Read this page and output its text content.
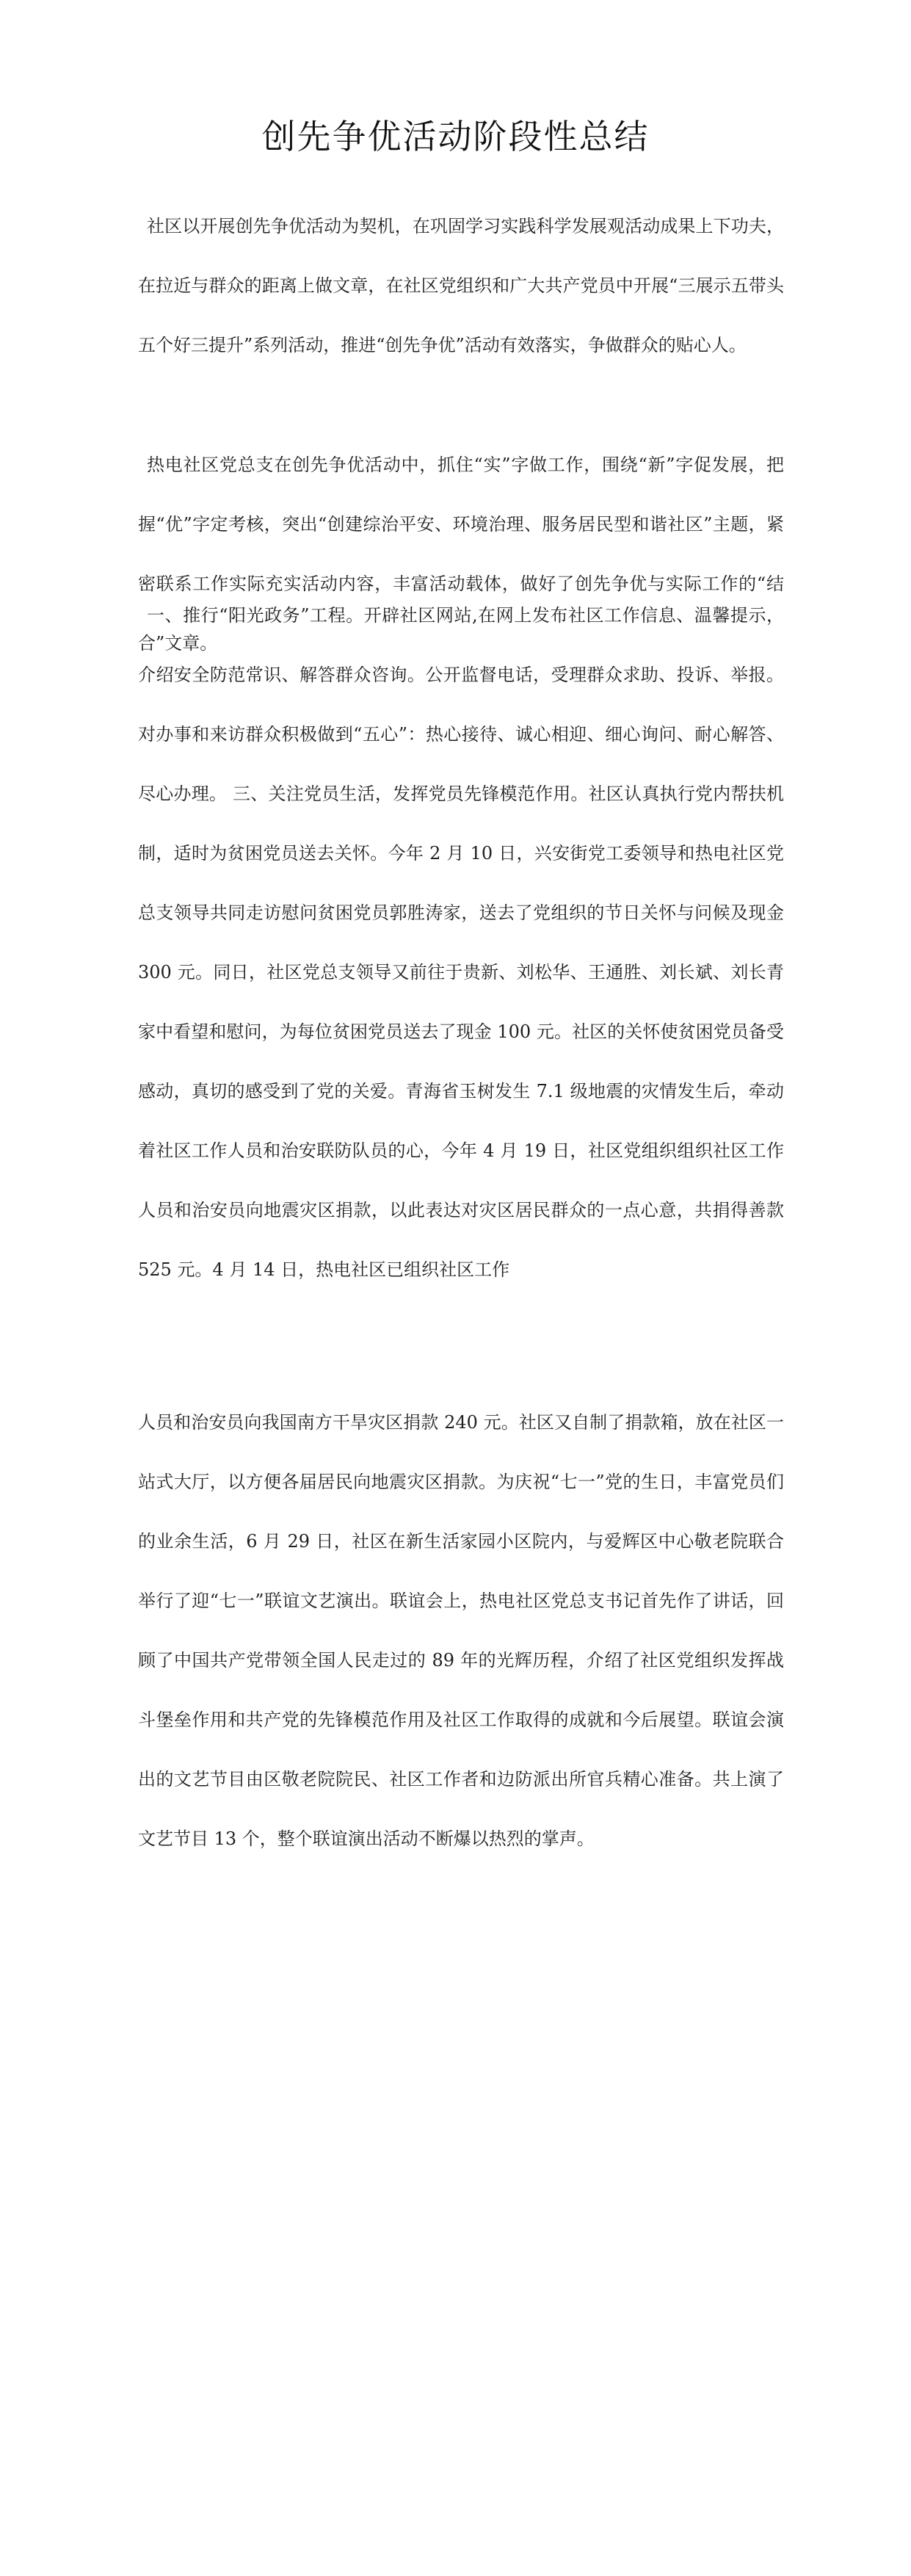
创先争优活动阶段性总结

社区以开展创先争优活动为契机，在巩固学习实践科学发展观活动成果上下功夫，在拉近与群众的距离上做文章，在社区党组织和广大共产党员中开展“三展示五带头五个好三提升”系列活动，推进“创先争优”活动有效落实，争做群众的贴心人。

热电社区党总支在创先争优活动中，抓住“实”字做工作，围绕“新”字促发展，把握“优”字定考核，突出“创建综治平安、环境治理、服务居民型和谐社区”主题，紧密联系工作实际充实活动内容，丰富活动载体，做好了创先争优与实际工作的“结合”文章。

一、推行“阳光政务”工程。开辟社区网站,在网上发布社区工作信息、温馨提示，介绍安全防范常识、解答群众咨询。公开监督电话，受理群众求助、投诉、举报。对办事和来访群众积极做到“五心”：热心接待、诚心相迎、细心询问、耐心解答、尽心办理。 三、关注党员生活，发挥党员先锋模范作用。社区认真执行党内帮扶机制，适时为贫困党员送去关怀。今年 2 月 10 日，兴安街党工委领导和热电社区党总支领导共同走访慰问贫困党员郭胜涛家，送去了党组织的节日关怀与问候及现金 300 元。同日，社区党总支领导又前往于贵新、刘松华、王通胜、刘长斌、刘长青家中看望和慰问，为每位贫困党员送去了现金 100 元。社区的关怀使贫困党员备受感动，真切的感受到了党的关爱。青海省玉树发生 7.1 级地震的灾情发生后，牵动着社区工作人员和治安联防队员的心，今年 4 月 19 日，社区党组织组织社区工作人员和治安员向地震灾区捐款，以此表达对灾区居民群众的一点心意，共捐得善款 525 元。4 月 14 日，热电社区已组织社区工作

人员和治安员向我国南方干旱灾区捐款 240 元。社区又自制了捐款箱，放在社区一站式大厅，以方便各届居民向地震灾区捐款。为庆祝“七一”党的生日，丰富党员们的业余生活，6 月 29 日，社区在新生活家园小区院内，与爱辉区中心敬老院联合举行了迎“七一”联谊文艺演出。联谊会上，热电社区党总支书记首先作了讲话，回顾了中国共产党带领全国人民走过的 89 年的光辉历程，介绍了社区党组织发挥战斗堡垒作用和共产党的先锋模范作用及社区工作取得的成就和今后展望。联谊会演出的文艺节目由区敬老院院民、社区工作者和边防派出所官兵精心准备。共上演了文艺节目 13 个，整个联谊演出活动不断爆以热烈的掌声。
